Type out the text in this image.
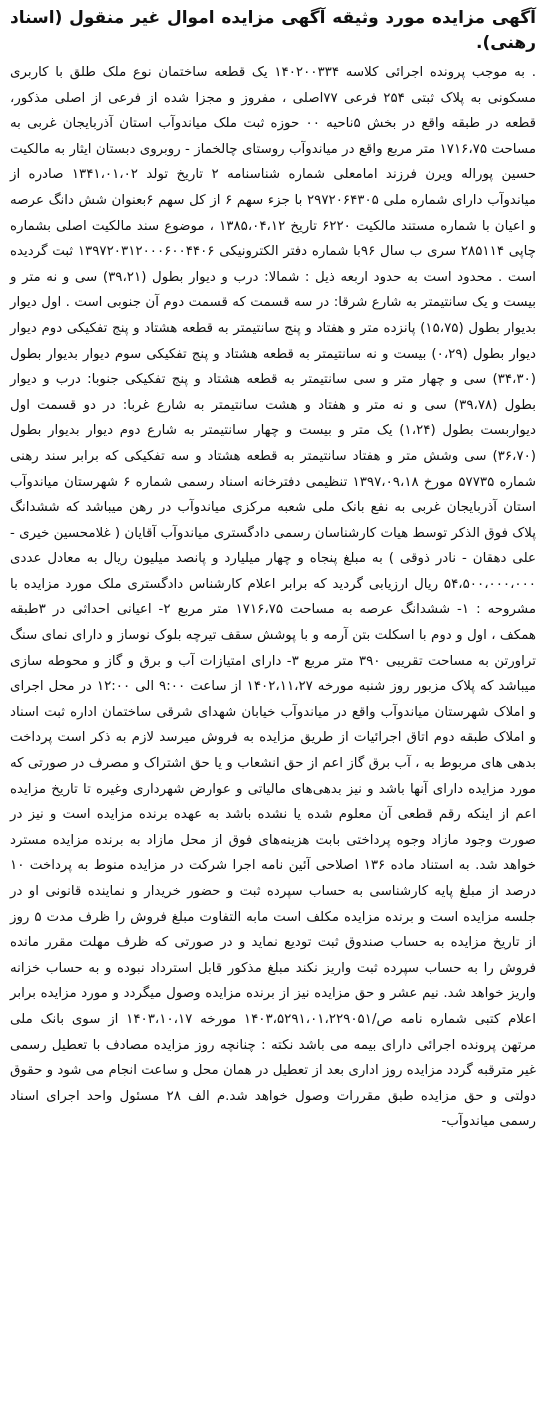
آگهی مزایده مورد وثیقه آگهی مزایده اموال غیر منقول (اسناد رهنی).

. به موجب پرونده اجرائی کلاسه ۱۴۰۲۰۰۳۳۴ یک قطعه ساختمان نوع ملک طلق با کاربری مسکونی به پلاک ثبتی ۲۵۴ فرعی ۷۷اصلی ، مفروز و مجزا شده از فرعی از اصلی مذکور، قطعه در طبقه واقع در بخش ۵ناحیه ۰۰ حوزه ثبت ملک میاندوآب استان آذربایجان غربی به مساحت ۱۷۱۶،۷۵ متر مربع واقع در میاندوآب روستای چالخماز - روبروی دبستان ایثار به مالکیت حسین پوراله ویرن فرزند امامعلی شماره شناسنامه ۲ تاریخ تولد ۱۳۴۱،۰۱،۰۲ صادره از میاندوآب دارای شماره ملی ۲۹۷۲۰۶۴۳۰۵ با جزء سهم ۶ از کل سهم ۶بعنوان شش دانگ عرصه و اعیان با شماره مستند مالکیت ۶۲۲۰ تاریخ ۱۳۸۵،۰۴،۱۲ ، موضوع سند مالکیت اصلی بشماره چاپی ۲۸۵۱۱۴ سری ب سال ۹۶با شماره دفتر الکترونیکی ۱۳۹۷۲۰۳۱۲۰۰۰۶۰۰۴۴۰۶ ثبت گردیده است . محدود است به حدود اربعه ذیل : شمالا: درب و دیوار بطول (۳۹،۲۱) سی و نه متر و بیست و یک سانتیمتر به شارع شرقا: در سه قسمت که قسمت دوم آن جنوبی است . اول دیوار بدیوار بطول (۱۵،۷۵) پانزده متر و هفتاد و پنج سانتیمتر به قطعه هشتاد و پنج تفکیکی دوم دیوار دیوار بطول (۰،۲۹) بیست و نه سانتیمتر به قطعه هشتاد و پنج تفکیکی سوم دیوار بدیوار بطول (۳۴،۳۰) سی و چهار متر و سی سانتیمتر به قطعه هشتاد و پنج تفکیکی جنوبا: درب و دیوار بطول (۳۹،۷۸) سی و نه متر و هفتاد و هشت سانتیمتر به شارع غربا: در دو قسمت اول دیواربست بطول (۱،۲۴) یک متر و بیست و چهار سانتیمتر به شارع دوم دیوار بدیوار بطول (۳۶،۷۰) سی وشش متر و هفتاد سانتیمتر به قطعه هشتاد و سه تفکیکی که برابر سند رهنی شماره ۵۷۷۳۵ مورخ ۱۳۹۷،۰۹،۱۸ تنظیمی دفترخانه اسناد رسمی شماره ۶ شهرستان میاندوآب استان آذربایجان غربی به نفع بانک ملی شعبه مرکزی میاندوآب در رهن میباشد که ششدانگ پلاک فوق الذکر توسط هیات کارشناسان رسمی دادگستری میاندوآب آقایان ( غلامحسین خیری - علی دهقان - نادر ذوقی ) به مبلغ پنجاه و چهار میلیارد و پانصد میلیون ریال به معادل عددی ۵۴،۵۰۰،۰۰۰،۰۰۰ ریال ارزیابی گردید که برابر اعلام کارشناس دادگستری ملک مورد مزایده با مشروحه : ۱- ششدانگ عرصه به مساحت ۱۷۱۶،۷۵ متر مربع ۲- اعیانی احداثی در ۳طبقه همکف ، اول و دوم با اسکلت بتن آرمه و با پوشش سقف تیرچه بلوک نوساز و دارای نمای سنگ تراورتن به مساحت تقریبی ۳۹۰ متر مربع ۳- دارای امتیازات آب و برق و گاز و محوطه سازی میباشد که پلاک مزبور روز شنبه مورخه ۱۴۰۲،۱۱،۲۷ از ساعت ۹:۰۰ الی ۱۲:۰۰ در محل اجرای و املاک شهرستان میاندوآب واقع در میاندوآب خیابان شهدای شرقی ساختمان اداره ثبت اسناد و املاک طبقه دوم اتاق اجرائیات از طریق مزایده به فروش میرسد لازم به ذکر است پرداخت بدهی های مربوط به ، آب برق گاز اعم از حق انشعاب و یا حق اشتراک و مصرف در صورتی که مورد مزایده دارای آنها باشد و نیز بدهی‌های مالیاتی و عوارض شهرداری وغیره تا تاریخ مزایده اعم از اینکه رقم قطعی آن معلوم شده یا نشده باشد به عهده برنده مزایده است و نیز در صورت وجود مازاد وجوه پرداختی بابت هزینه‌های فوق از محل مازاد به برنده مزایده مسترد خواهد شد. به استناد ماده ۱۳۶ اصلاحی آئین نامه اجرا شرکت در مزایده منوط به پرداخت ۱۰ درصد از مبلغ پایه کارشناسی به حساب سپرده ثبت و حضور خریدار و نماینده قانونی او در جلسه مزایده است و برنده مزایده مکلف است مابه التفاوت مبلغ فروش را ظرف مدت ۵ روز از تاریخ مزایده به حساب صندوق ثبت تودیع نماید و در صورتی که ظرف مهلت مقرر مانده فروش را به حساب سپرده ثبت واریز نکند مبلغ مذکور قابل استرداد نبوده و به حساب خزانه واریز خواهد شد. نیم عشر و حق مزایده نیز از برنده مزایده وصول میگردد و مورد مزایده برابر اعلام کتبی شماره نامه ص/۱۴۰۳،۵۲۹۱،۰۱،۲۲۹۰۵۱ مورخه ۱۴۰۳،۱۰،۱۷ از سوی بانک ملی مرتهن پرونده اجرائی دارای بیمه می باشد نکته : چنانچه روز مزایده مصادف با تعطیل رسمی غیر مترقبه گردد مزایده روز اداری بعد از تعطیل در همان محل و ساعت انجام می شود و حقوق دولتی و حق مزایده طبق مقررات وصول خواهد شد.م الف ۲۸ مسئول واحد اجرای اسناد رسمی میاندوآب-
